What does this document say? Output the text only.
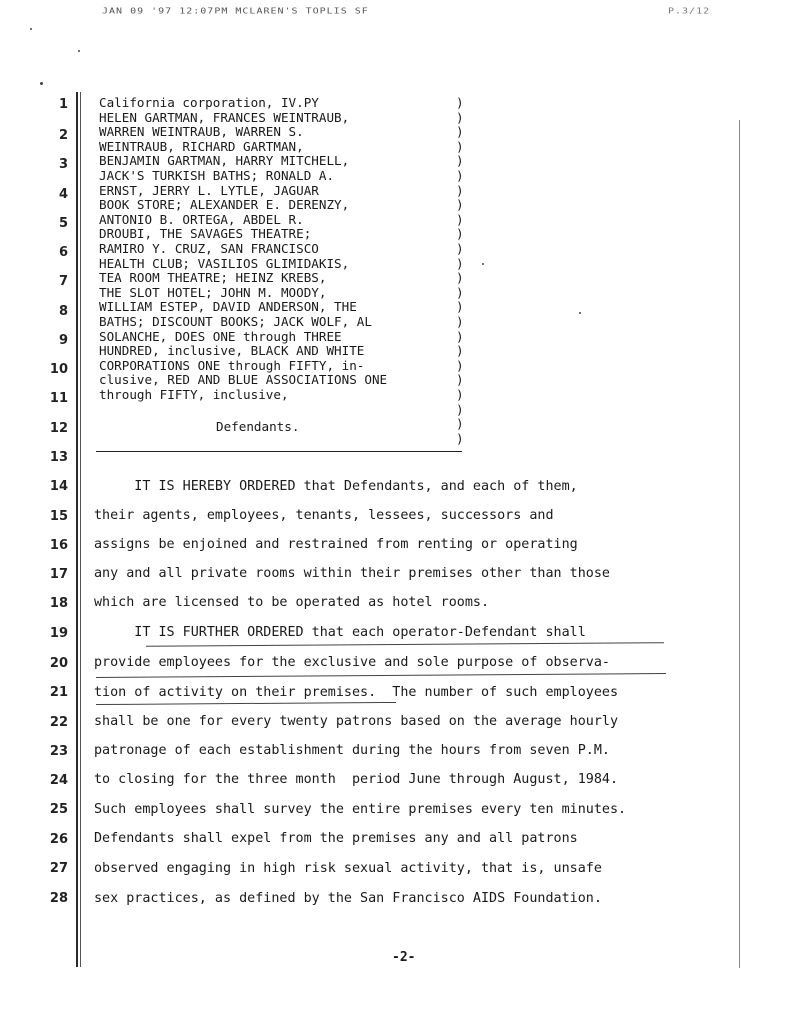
JAN 09 '97 12:07PM MCLAREN'S TOPLIS SF	P.3/12
1
2
3
4
5
6
7
8
9
10
11
12
13
14
15
16
17
18
19
20
21
22
23
24
25
26
27
28
California corporation, IV.PY
HELEN GARTMAN, FRANCES WEINTRAUB,
WARREN WEINTRAUB, WARREN S.
WEINTRAUB, RICHARD GARTMAN,
BENJAMIN GARTMAN, HARRY MITCHELL,
JACK'S TURKISH BATHS; RONALD A.
ERNST, JERRY L. LYTLE, JAGUAR
BOOK STORE; ALEXANDER E. DERENZY,
ANTONIO B. ORTEGA, ABDEL R.
DROUBI, THE SAVAGES THEATRE;
RAMIRO Y. CRUZ, SAN FRANCISCO
HEALTH CLUB; VASILIOS GLIMIDAKIS,
TEA ROOM THEATRE; HEINZ KREBS,
THE SLOT HOTEL; JOHN M. MOODY,
WILLIAM ESTEP, DAVID ANDERSON, THE
BATHS; DISCOUNT BOOKS; JACK WOLF, AL
SOLANCHE, DOES ONE through THREE
HUNDRED, inclusive, BLACK AND WHITE
CORPORATIONS ONE through FIFTY, in-
clusive, RED AND BLUE ASSOCIATIONS ONE
through FIFTY, inclusive,
)
)
)
)
)
)
)
)
)
)
)
)
)
)
)
)
)
)
)
)
)
)
)
)
Defendants.
IT IS HEREBY ORDERED that Defendants, and each of them,
their agents, employees, tenants, lessees, successors and
assigns be enjoined and restrained from renting or operating
any and all private rooms within their premises other than those
which are licensed to be operated as hotel rooms.
IT IS FURTHER ORDERED that each operator-Defendant shall
provide employees for the exclusive and sole purpose of observa-
tion of activity on their premises.  The number of such employees
shall be one for every twenty patrons based on the average hourly
patronage of each establishment during the hours from seven P.M.
to closing for the three month  period June through August, 1984.
Such employees shall survey the entire premises every ten minutes.
Defendants shall expel from the premises any and all patrons
observed engaging in high risk sexual activity, that is, unsafe
sex practices, as defined by the San Francisco AIDS Foundation.
-2-
